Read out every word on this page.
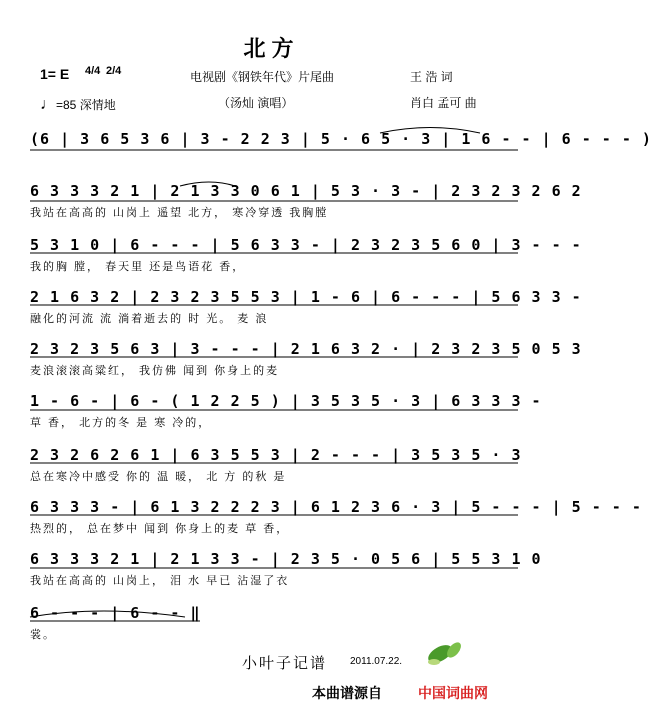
北方
1= E 4/4 2/4
♩=85 深情地
电视剧《钢铁年代》片尾曲
（汤灿 演唱）
王 浩 词
肖白 孟可 曲
(6 | 3 6 5 3 6 | 3 - 2 2 3 | 5 · 6 5 · 3 | 1 6 - - | 6 - - - )
6 3 3 3 2 1 | 2 1 3 3 0 6 1 | 5 3 · 3 - | 2 3 2 3 2 6 2
我站在高高的 山岗上 遥望 北方， 寒冷穿透 我胸膛
5 3 1 0 | 6 - - - | 5 6 3 3 - | 2 3 2 3 5 6 0 | 3 - - -
我的胸 膛， 春天里 还是鸟语花 香，
2 1 6 3 2 | 2 3 2 3 5 5 3 | 1 - 6 | 6 - - - | 5 6 3 3 -
融化的河流 流 淌着逝去的 时 光。 麦 浪
2 3 2 3 5 6 3 | 3 - - - | 2 1 6 3 2 · | 2 3 2 3 5 0 5 3
麦浪滚滚高粱红， 我仿佛 闻到 你身上的麦
1 - 6 - | 6 - ( 1 2 2 5 ) | 3 5 3 5 · 3 | 6 3 3 3 -
草 香， 北方的冬 是 寒 冷的，
2 3 2 6 2 6 1 | 6 3 5 5 3 | 2 - - - | 3 5 3 5 · 3
总在寒冷中感受 你的 温 暖， 北 方 的秋 是
6 3 3 3 - | 6 1 3 2 2 2 3 | 6 1 2 3 6 · 3 | 5 - - - | 5 - - -
热烈的， 总在梦中 闻到 你身上的麦 草 香，
6 3 3 3 2 1 | 2 1 3 3 - | 2 3 5 · 0 5 6 | 5 5 3 1 0
我站在高高的 山岗上， 泪 水 早已 沾湿了衣
6 - - - | 6 - - ‖
裳。
小叶子记谱 2011.07.22.
本曲谱源自	中国词曲网
